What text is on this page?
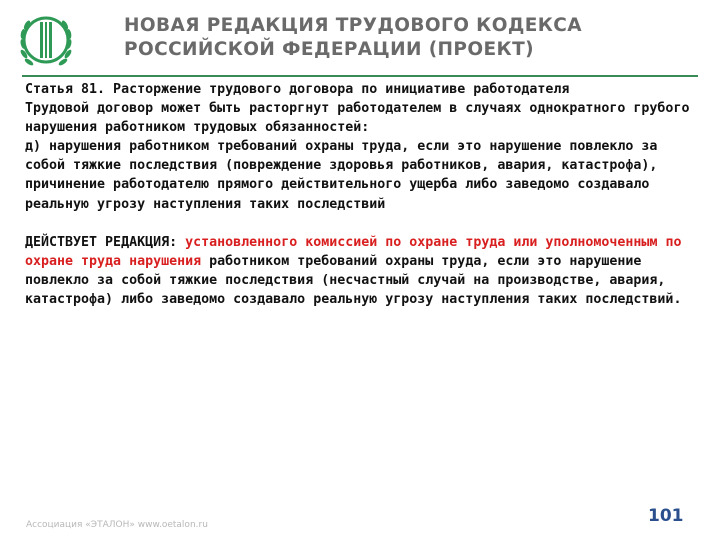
НОВАЯ РЕДАКЦИЯ ТРУДОВОГО КОДЕКСА
РОССИЙСКОЙ ФЕДЕРАЦИИ (ПРОЕКТ)

Статья 81. Расторжение трудового договора по инициативе работодателя

Трудовой договор может быть расторгнут работодателем в случаях однократного грубого нарушения работником трудовых обязанностей:

д) нарушения работником требований охраны труда, если это нарушение повлекло за собой тяжкие последствия (повреждение здоровья работников, авария, катастрофа), причинение работодателю прямого действительного ущерба либо заведомо создавало реальную угрозу наступления таких последствий

ДЕЙСТВУЕТ РЕДАКЦИЯ: установленного комиссией по охране труда или уполномоченным по охране труда нарушения работником требований охраны труда, если это нарушение повлекло за собой тяжкие последствия (несчастный случай на производстве, авария, катастрофа) либо заведомо создавало реальную угрозу наступления таких последствий.

Ассоциация «ЭТАЛОН» www.oetalon.ru	101
